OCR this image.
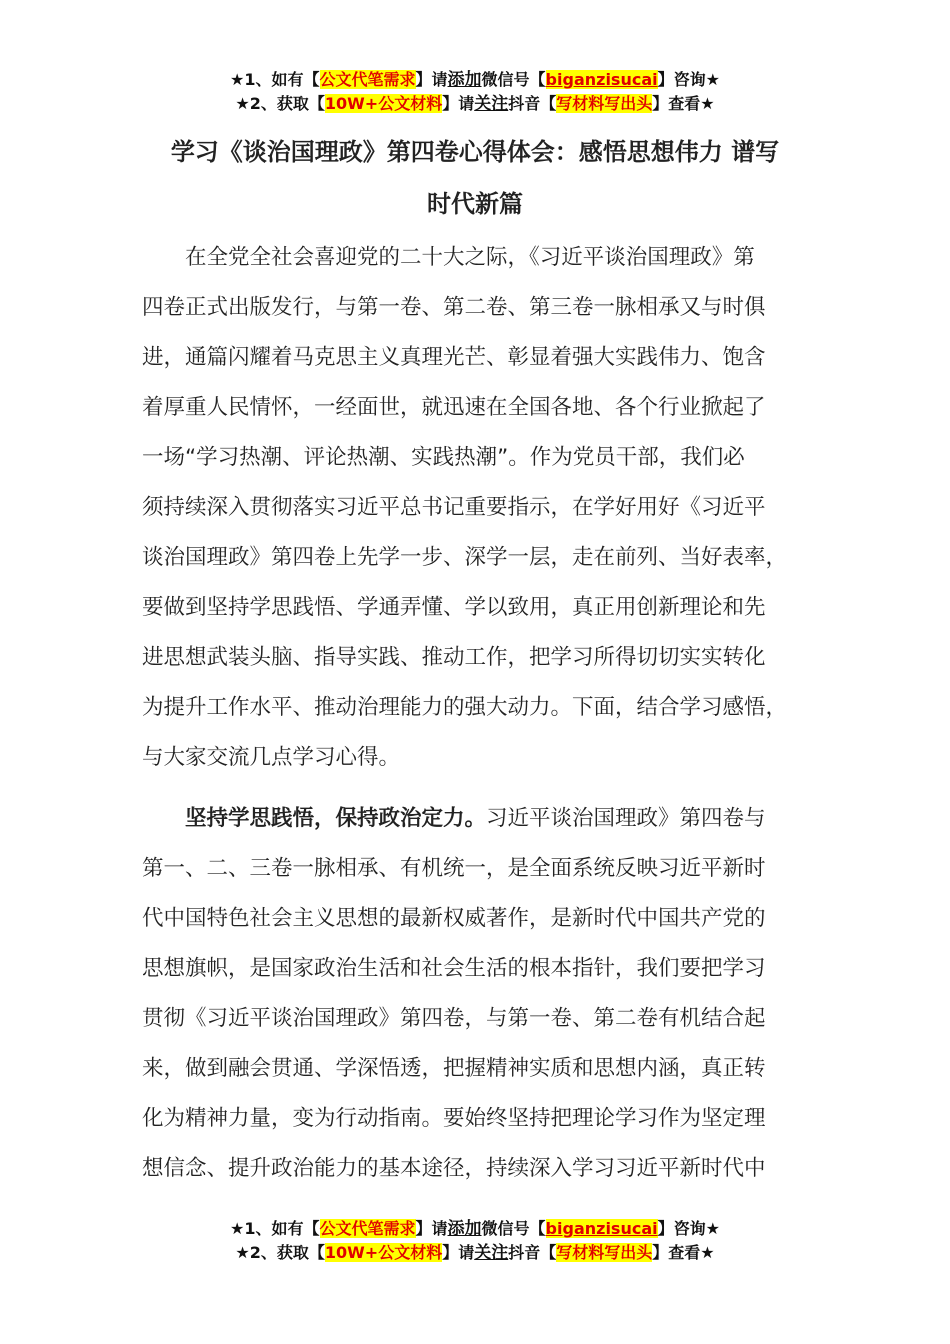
★1、如有【公文代笔需求】请添加微信号【biganzisucai】咨询★
★2、获取【10W+公文材料】请关注抖音【写材料写出头】查看★
学习《谈治国理政》第四卷心得体会：感悟思想伟力 谱写
时代新篇
　　在全党全社会喜迎党的二十大之际，《习近平谈治国理政》第
四卷正式出版发行，与第一卷、第二卷、第三卷一脉相承又与时俱
进，通篇闪耀着马克思主义真理光芒、彰显着强大实践伟力、饱含
着厚重人民情怀，一经面世，就迅速在全国各地、各个行业掀起了
一场“学习热潮、评论热潮、实践热潮”。作为党员干部，我们必
须持续深入贯彻落实习近平总书记重要指示，在学好用好《习近平
谈治国理政》第四卷上先学一步、深学一层，走在前列、当好表率，
要做到坚持学思践悟、学通弄懂、学以致用，真正用创新理论和先
进思想武装头脑、指导实践、推动工作，把学习所得切切实实转化
为提升工作水平、推动治理能力的强大动力。下面，结合学习感悟，
与大家交流几点学习心得。
　　坚持学思践悟，保持政治定力。习近平谈治国理政》第四卷与
第一、二、三卷一脉相承、有机统一，是全面系统反映习近平新时
代中国特色社会主义思想的最新权威著作，是新时代中国共产党的
思想旗帜，是国家政治生活和社会生活的根本指针，我们要把学习
贯彻《习近平谈治国理政》第四卷，与第一卷、第二卷有机结合起
来，做到融会贯通、学深悟透，把握精神实质和思想内涵，真正转
化为精神力量，变为行动指南。要始终坚持把理论学习作为坚定理
想信念、提升政治能力的基本途径，持续深入学习习近平新时代中
★1、如有【公文代笔需求】请添加微信号【biganzisucai】咨询★
★2、获取【10W+公文材料】请关注抖音【写材料写出头】查看★
